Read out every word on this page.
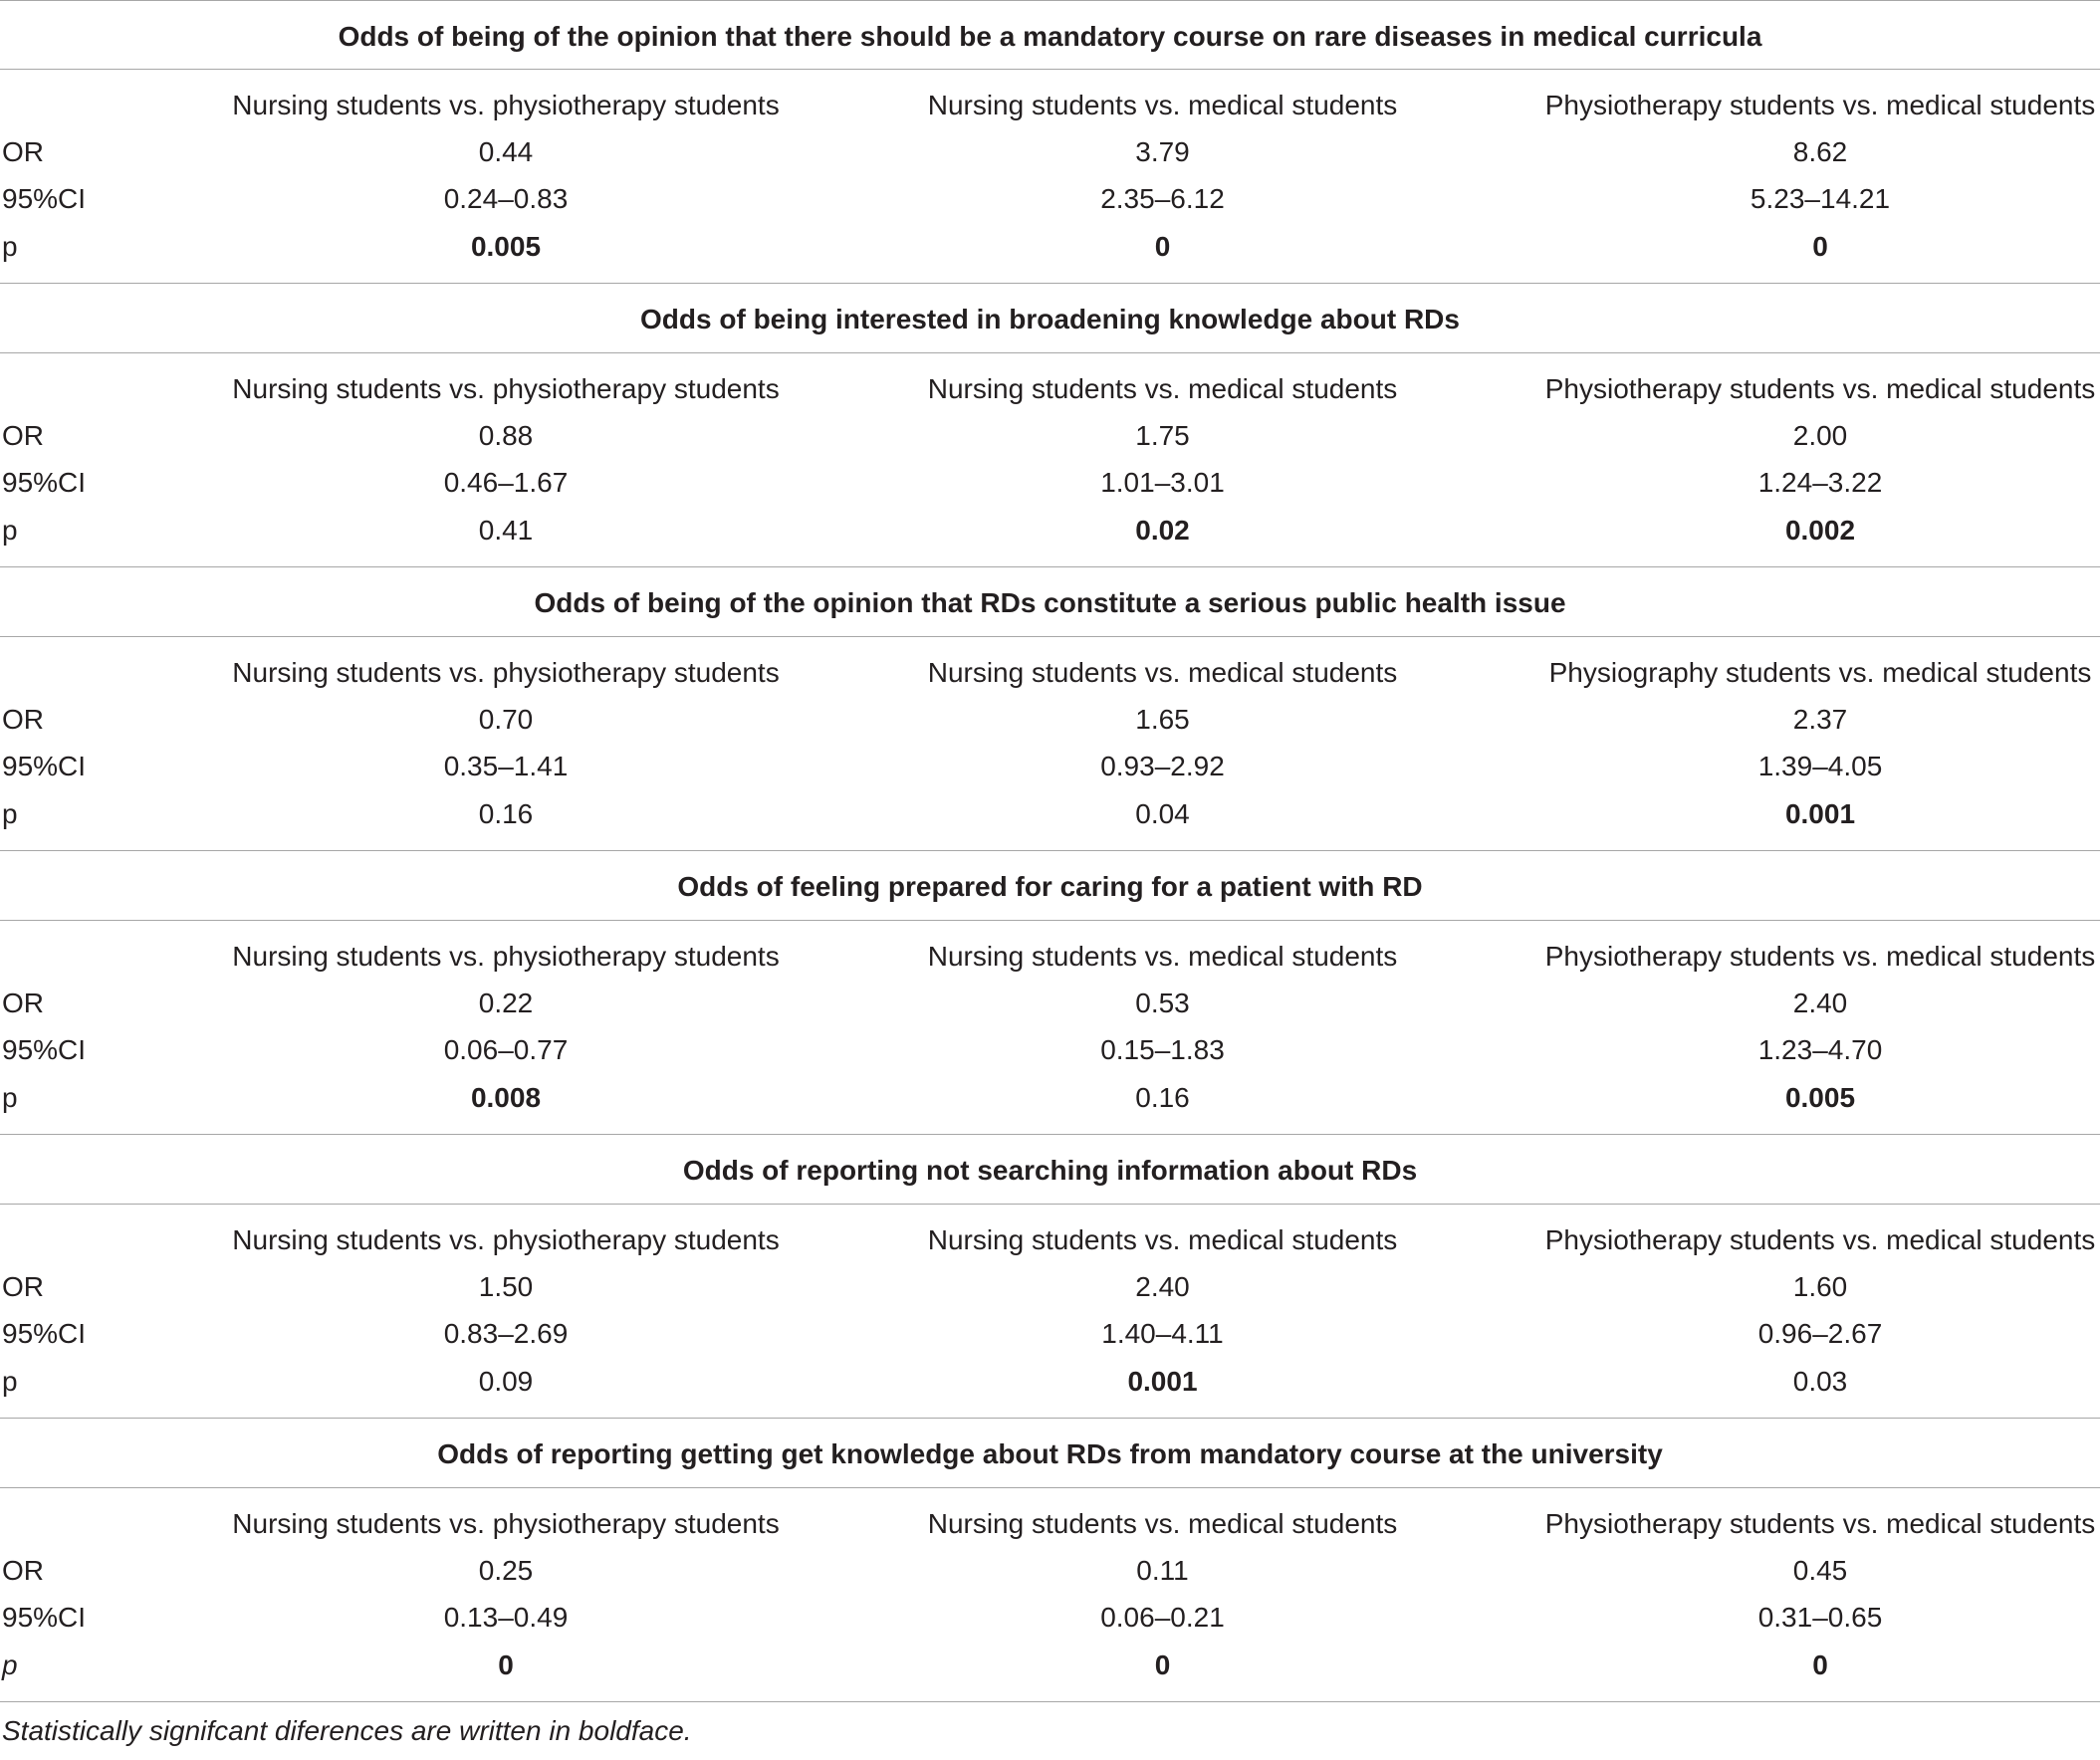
Odds of being of the opinion that there should be a mandatory course on rare diseases in medical curricula
Nursing students vs. physiotherapy students	Nursing students vs. medical students	Physiotherapy students vs. medical students
OR	0.44	3.79	8.62
95%CI	0.24–0.83	2.35–6.12	5.23–14.21
p	0.005	0	0
Odds of being interested in broadening knowledge about RDs
Nursing students vs. physiotherapy students	Nursing students vs. medical students	Physiotherapy students vs. medical students
OR	0.88	1.75	2.00
95%CI	0.46–1.67	1.01–3.01	1.24–3.22
p	0.41	0.02	0.002
Odds of being of the opinion that RDs constitute a serious public health issue
Nursing students vs. physiotherapy students	Nursing students vs. medical students	Physiography students vs. medical students
OR	0.70	1.65	2.37
95%CI	0.35–1.41	0.93–2.92	1.39–4.05
p	0.16	0.04	0.001
Odds of feeling prepared for caring for a patient with RD
Nursing students vs. physiotherapy students	Nursing students vs. medical students	Physiotherapy students vs. medical students
OR	0.22	0.53	2.40
95%CI	0.06–0.77	0.15–1.83	1.23–4.70
p	0.008	0.16	0.005
Odds of reporting not searching information about RDs
Nursing students vs. physiotherapy students	Nursing students vs. medical students	Physiotherapy students vs. medical students
OR	1.50	2.40	1.60
95%CI	0.83–2.69	1.40–4.11	0.96–2.67
p	0.09	0.001	0.03
Odds of reporting getting get knowledge about RDs from mandatory course at the university
Nursing students vs. physiotherapy students	Nursing students vs. medical students	Physiotherapy students vs. medical students
OR	0.25	0.11	0.45
95%CI	0.13–0.49	0.06–0.21	0.31–0.65
p	0	0	0
Statistically signifcant diferences are written in boldface.
